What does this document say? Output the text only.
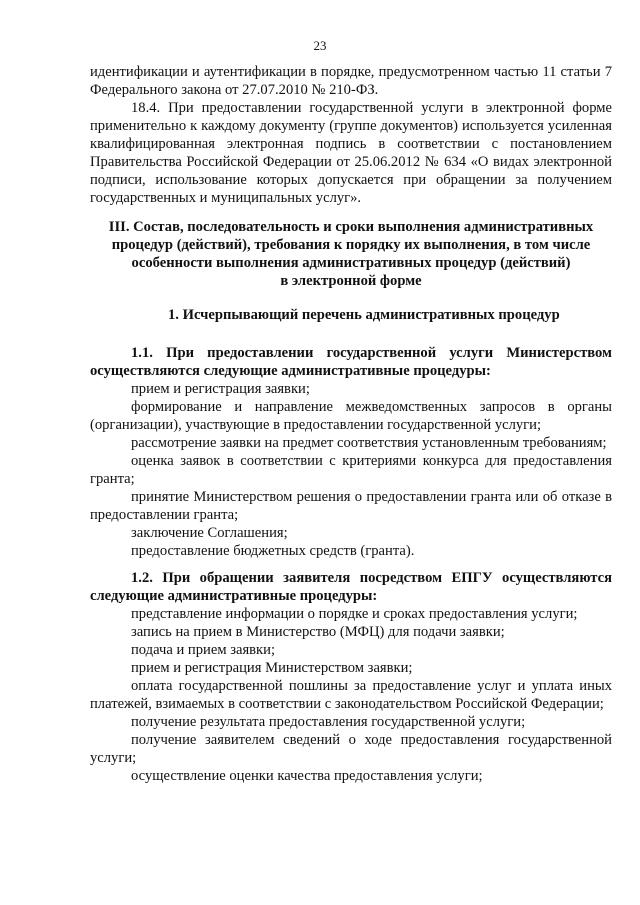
23

идентификации и аутентификации в порядке, предусмотренном частью 11 статьи 7 Федерального закона от 27.07.2010 № 210-ФЗ.

18.4. При предоставлении государственной услуги в электронной форме применительно к каждому документу (группе документов) используется усиленная квалифицированная электронная подпись в соответствии с постановлением Правительства Российской Федерации от 25.06.2012 № 634 «О видах электронной подписи, использование которых допускается при обращении за получением государственных и муниципальных услуг».

III. Состав, последовательность и сроки выполнения административных

процедур (действий), требования к порядку их выполнения, в том числе

особенности выполнения административных процедур (действий)

в электронной форме

1. Исчерпывающий перечень административных процедур

1.1. При предоставлении государственной услуги Министерством осуществляются следующие административные процедуры:

прием и регистрация заявки;

формирование и направление межведомственных запросов в органы (организации), участвующие в предоставлении государственной услуги;

рассмотрение заявки на предмет соответствия установленным требованиям;

оценка заявок в соответствии с критериями конкурса для предоставления гранта;

принятие Министерством решения о предоставлении гранта или об отказе в предоставлении гранта;

заключение Соглашения;

предоставление бюджетных средств (гранта).

1.2. При обращении заявителя посредством ЕПГУ осуществляются следующие административные процедуры:

представление информации о порядке и сроках предоставления услуги;

запись на прием в Министерство (МФЦ) для подачи заявки;

подача и прием заявки;

прием и регистрация Министерством заявки;

оплата государственной пошлины за предоставление услуг и уплата иных платежей, взимаемых в соответствии с законодательством Российской Федерации;

получение результата предоставления государственной услуги;

получение заявителем сведений о ходе предоставления государственной услуги;

осуществление оценки качества предоставления услуги;
